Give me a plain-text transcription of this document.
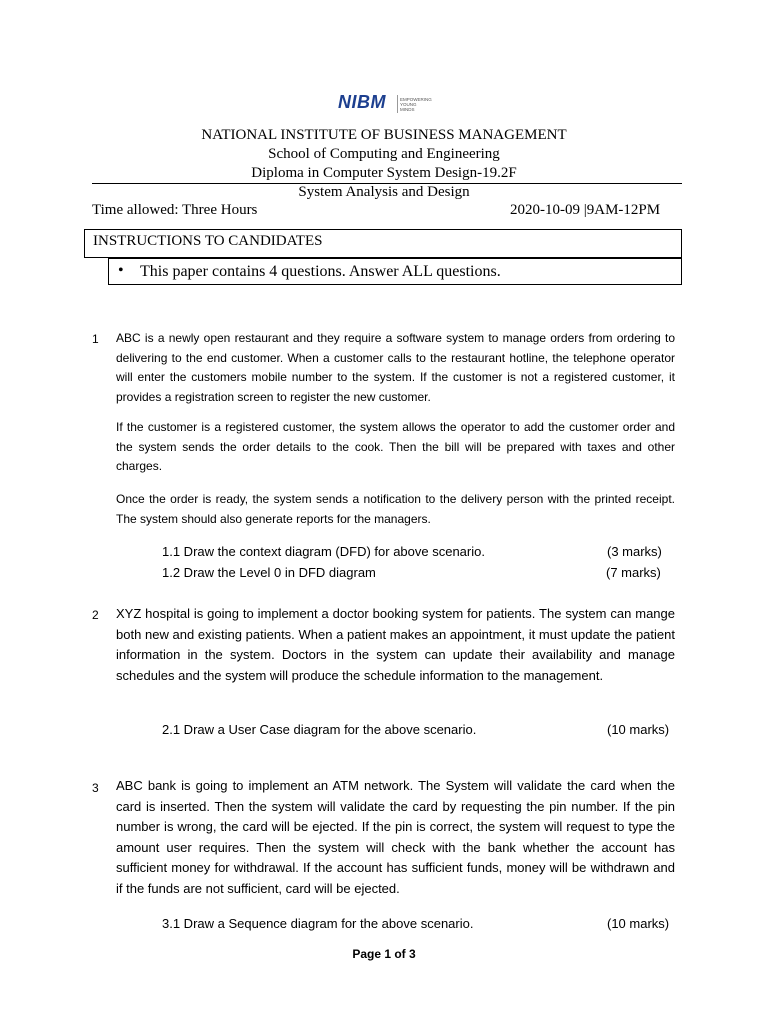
NIBM	EMPOWERING YOUNG MINDS
NATIONAL INSTITUTE OF BUSINESS MANAGEMENT
School of Computing and Engineering
Diploma in Computer System Design-19.2F
System Analysis and Design
Time allowed: Three Hours	2020-10-09 |9AM-12PM
INSTRUCTIONS TO CANDIDATES
• This paper contains 4 questions. Answer ALL questions.
1 ABC is a newly open restaurant and they require a software system to manage orders from ordering to delivering to the end customer. When a customer calls to the restaurant hotline, the telephone operator will enter the customers mobile number to the system. If the customer is not a registered customer, it provides a registration screen to register the new customer.
If the customer is a registered customer, the system allows the operator to add the customer order and the system sends the order details to the cook. Then the bill will be prepared with taxes and other charges.
Once the order is ready, the system sends a notification to the delivery person with the printed receipt. The system should also generate reports for the managers.
1.1 Draw the context diagram (DFD) for above scenario.	(3 marks)
1.2 Draw the Level 0 in DFD diagram	(7 marks)
2 XYZ hospital is going to implement a doctor booking system for patients. The system can mange both new and existing patients. When a patient makes an appointment, it must update the patient information in the system. Doctors in the system can update their availability and manage schedules and the system will produce the schedule information to the management.
2.1 Draw a User Case diagram for the above scenario.	(10 marks)
3 ABC bank is going to implement an ATM network. The System will validate the card when the card is inserted. Then the system will validate the card by requesting the pin number. If the pin number is wrong, the card will be ejected. If the pin is correct, the system will request to type the amount user requires. Then the system will check with the bank whether the account has sufficient money for withdrawal. If the account has sufficient funds, money will be withdrawn and if the funds are not sufficient, card will be ejected.
3.1 Draw a Sequence diagram for the above scenario.	(10 marks)
Page 1 of 3
